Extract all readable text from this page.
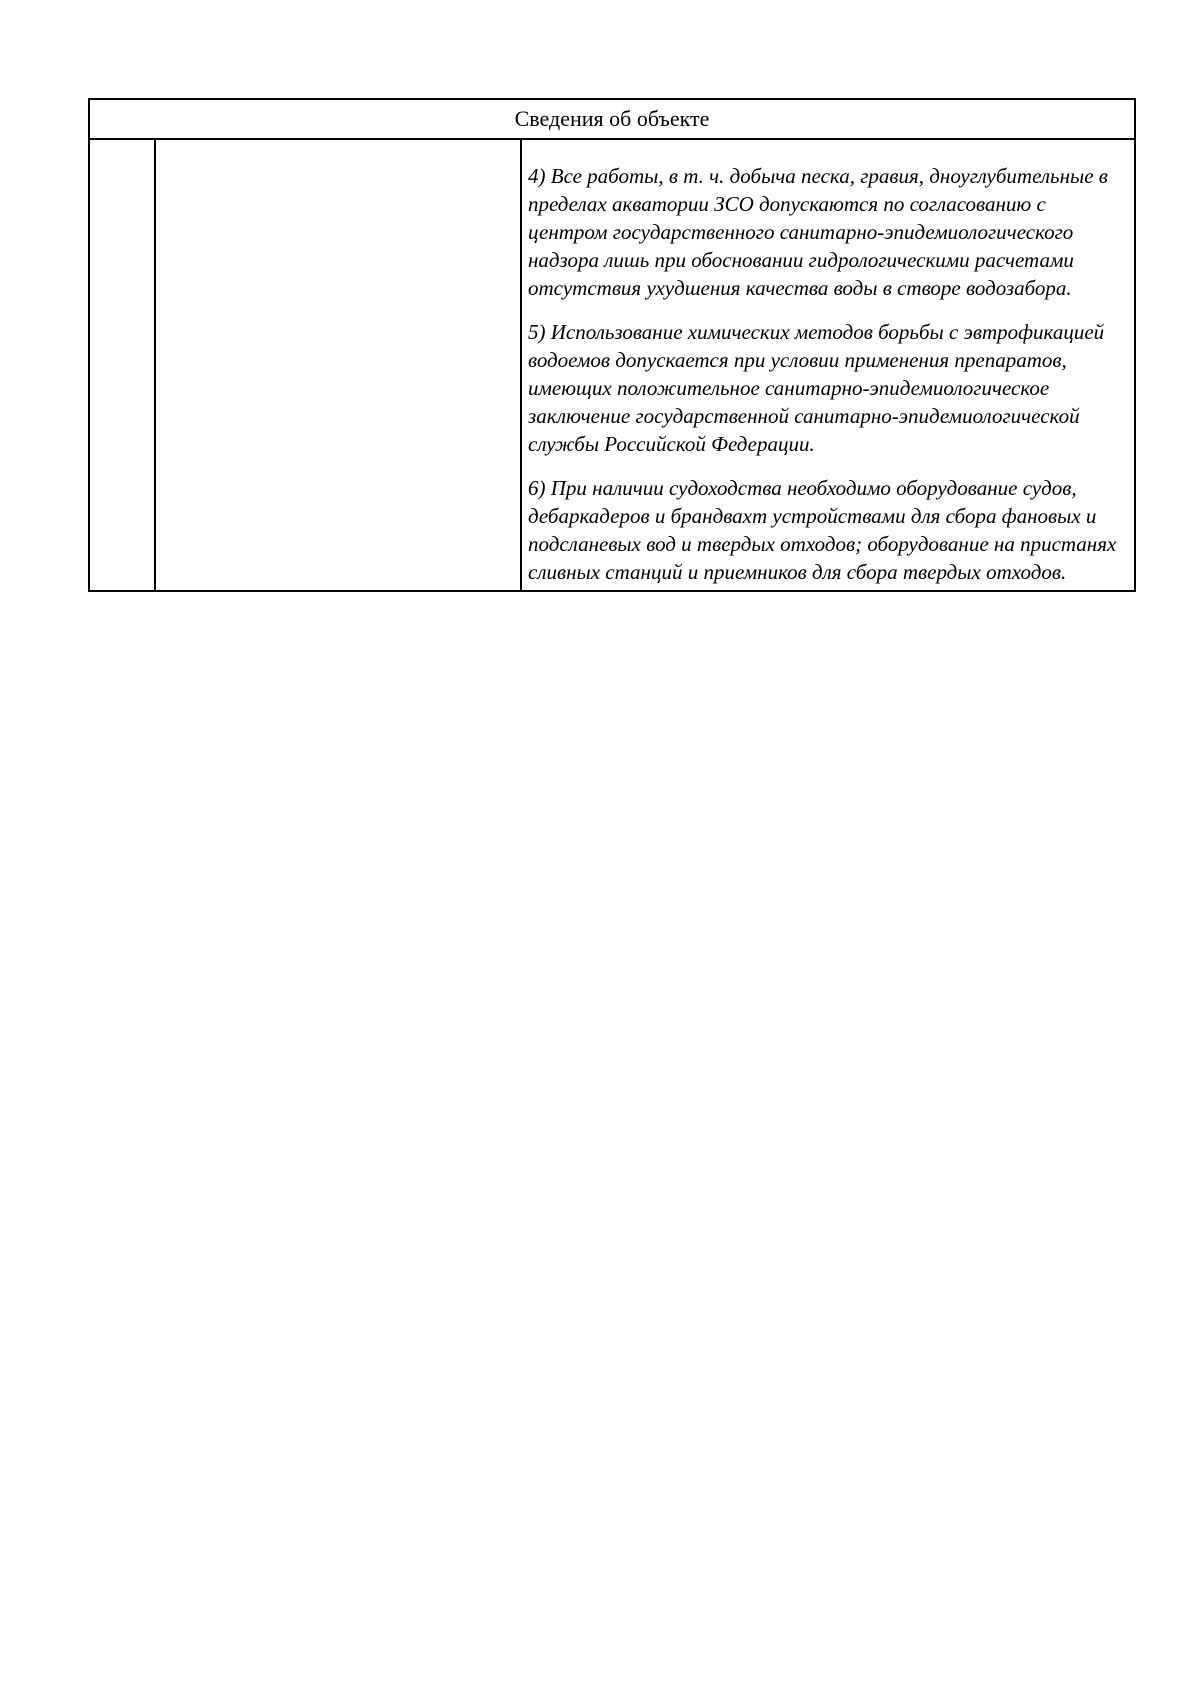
Сведения об объекте

4) Все работы, в т. ч. добыча песка, гравия, дноуглубительные в пределах акватории ЗСО допускаются по согласованию с центром государственного санитарно-эпидемиологического надзора лишь при обосновании гидрологическими расчетами отсутствия ухудшения качества воды в створе водозабора.

5) Использование химических методов борьбы с эвтрофикацией водоемов допускается при условии применения препаратов, имеющих положительное санитарно-эпидемиологическое заключение государственной санитарно-эпидемиологической службы Российской Федерации.

6) При наличии судоходства необходимо оборудование судов, дебаркадеров и брандвахт устройствами для сбора фановых и подсланевых вод и твердых отходов; оборудование на пристанях сливных станций и приемников для сбора твердых отходов.
